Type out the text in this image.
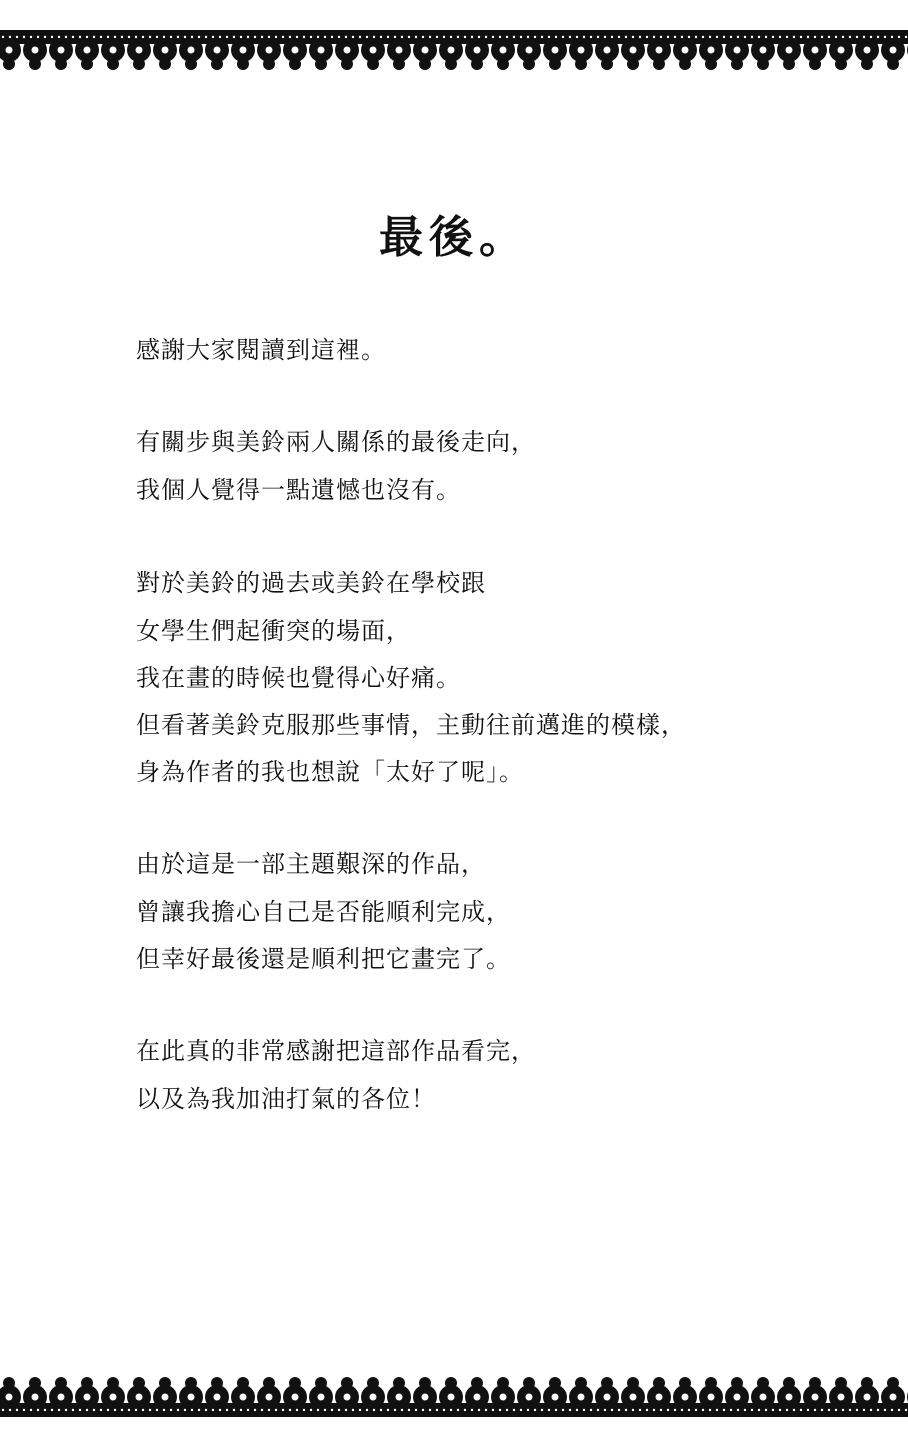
最後。
感謝大家閱讀到這裡。
有關步與美鈴兩人關係的最後走向，
我個人覺得一點遺憾也沒有。
對於美鈴的過去或美鈴在學校跟
女學生們起衝突的場面，
我在畫的時候也覺得心好痛。
但看著美鈴克服那些事情，主動往前邁進的模樣，
身為作者的我也想說「太好了呢」。
由於這是一部主題艱深的作品，
曾讓我擔心自己是否能順利完成，
但幸好最後還是順利把它畫完了。
在此真的非常感謝把這部作品看完，
以及為我加油打氣的各位！
